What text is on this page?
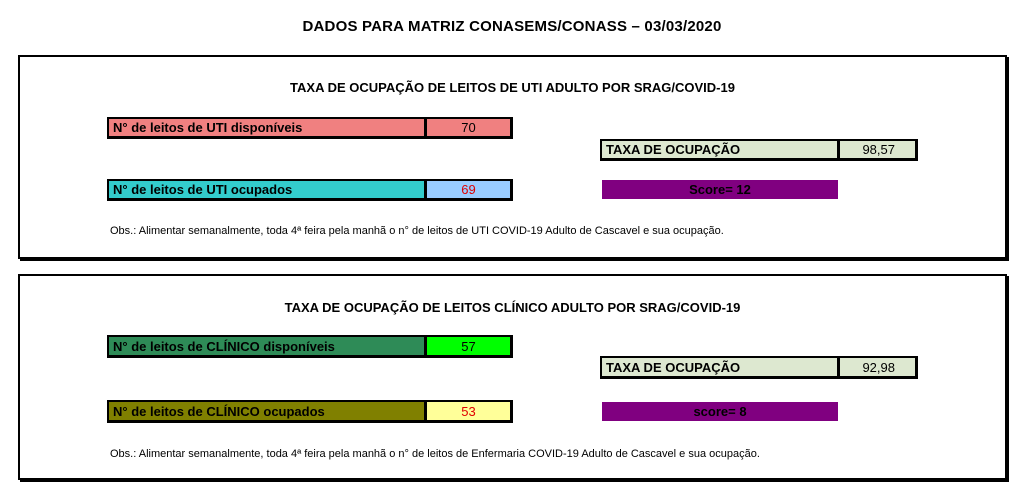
DADOS PARA MATRIZ CONASEMS/CONASS – 03/03/2020
TAXA DE OCUPAÇÃO DE LEITOS DE UTI ADULTO POR SRAG/COVID-19
N° de leitos de UTI disponíveis	70
TAXA DE OCUPAÇÃO	98,57
N° de leitos de UTI ocupados	69	Score= 12
Obs.: Alimentar semanalmente, toda 4ª feira pela manhã o n° de leitos de UTI COVID-19 Adulto de Cascavel e sua ocupação.
TAXA DE OCUPAÇÃO DE LEITOS CLÍNICO ADULTO POR SRAG/COVID-19
N° de leitos de CLÍNICO disponíveis	57
TAXA DE OCUPAÇÃO	92,98
N° de leitos de CLÍNICO ocupados	53	score= 8
Obs.: Alimentar semanalmente, toda 4ª feira pela manhã o n° de leitos de Enfermaria COVID-19 Adulto de Cascavel e sua ocupação.
